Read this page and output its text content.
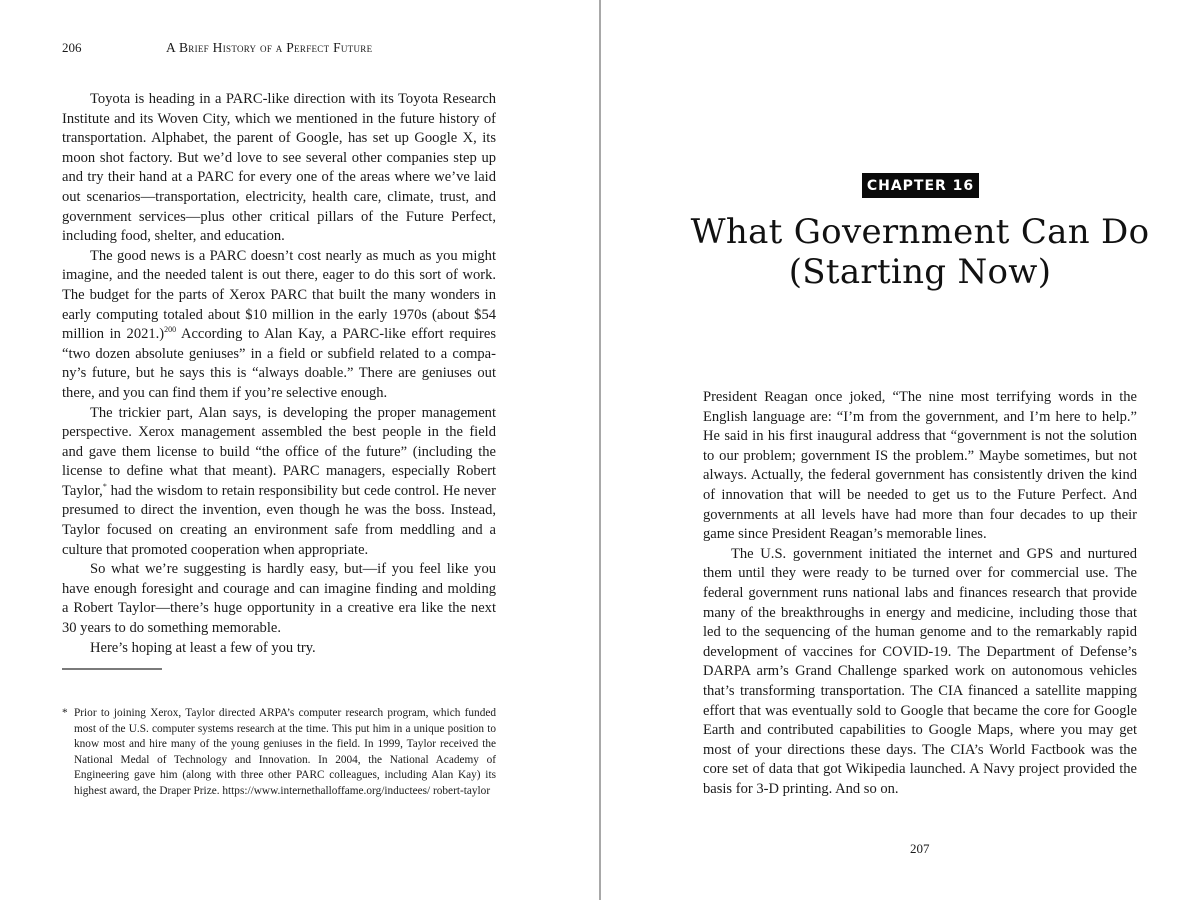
206	A Brief History of a Perfect Future

Toyota is heading in a PARC-like direction with its Toyota Research Institute and its Woven City, which we mentioned in the future history of transportation. Alphabet, the parent of Google, has set up Google X, its moon shot factory. But we’d love to see several other companies step up and try their hand at a PARC for every one of the areas where we’ve laid out scenarios—transportation, electricity, health care, climate, trust, and government services—plus other critical pillars of the Future Perfect, including food, shelter, and education.

The good news is a PARC doesn’t cost nearly as much as you might imagine, and the needed talent is out there, eager to do this sort of work. The budget for the parts of Xerox PARC that built the many wonders in early computing totaled about $10 million in the early 1970s (about $54 million in 2021.)$^{200}$ According to Alan Kay, a PARC-like effort requires “two dozen absolute geniuses” in a field or subfield related to a company’s future, but he says this is “always doable.” There are geniuses out there, and you can find them if you’re selective enough.

The trickier part, Alan says, is developing the proper management perspective. Xerox management assembled the best people in the field and gave them license to build “the office of the future” (including the license to define what that meant). PARC managers, especially Robert Taylor,* had the wisdom to retain responsibility but cede control. He never presumed to direct the invention, even though he was the boss. Instead, Taylor focused on creating an environment safe from meddling and a culture that promoted cooperation when appropriate.

So what we’re suggesting is hardly easy, but—if you feel like you have enough foresight and courage and can imagine finding and molding a Robert Taylor—there’s huge opportunity in a creative era like the next 30 years to do something memorable.

Here’s hoping at least a few of you try.

* Prior to joining Xerox, Taylor directed ARPA’s computer research program, which funded most of the U.S. computer systems research at the time. This put him in a unique position to know most and hire many of the young geniuses in the field. In 1999, Taylor received the National Medal of Technology and Innovation. In 2004, the National Academy of Engineering gave him (along with three other PARC colleagues, including Alan Kay) its highest award, the Draper Prize. https://www.internethalloffame.org/inductees/ robert-taylor
CHAPTER 16
What Government Can Do
(Starting Now)

President Reagan once joked, “The nine most terrifying words in the English language are: “I’m from the government, and I’m here to help.” He said in his first inaugural address that “government is not the solution to our problem; government IS the problem.” Maybe sometimes, but not always. Actually, the federal government has consistently driven the kind of innovation that will be needed to get us to the Future Perfect. And governments at all levels have had more than four decades to up their game since President Reagan’s memorable lines.

The U.S. government initiated the internet and GPS and nurtured them until they were ready to be turned over for commercial use. The federal government runs national labs and finances research that provide many of the breakthroughs in energy and medicine, including those that led to the sequencing of the human genome and to the remarkably rapid development of vaccines for COVID-19. The Department of Defense’s DARPA arm’s Grand Challenge sparked work on autonomous vehicles that’s transforming transportation. The CIA financed a satellite mapping effort that was eventually sold to Google that became the core for Google Earth and contributed capabilities to Google Maps, where you may get most of your directions these days. The CIA’s World Factbook was the core set of data that got Wikipedia launched. A Navy project provided the basis for 3-D printing. And so on.

207
